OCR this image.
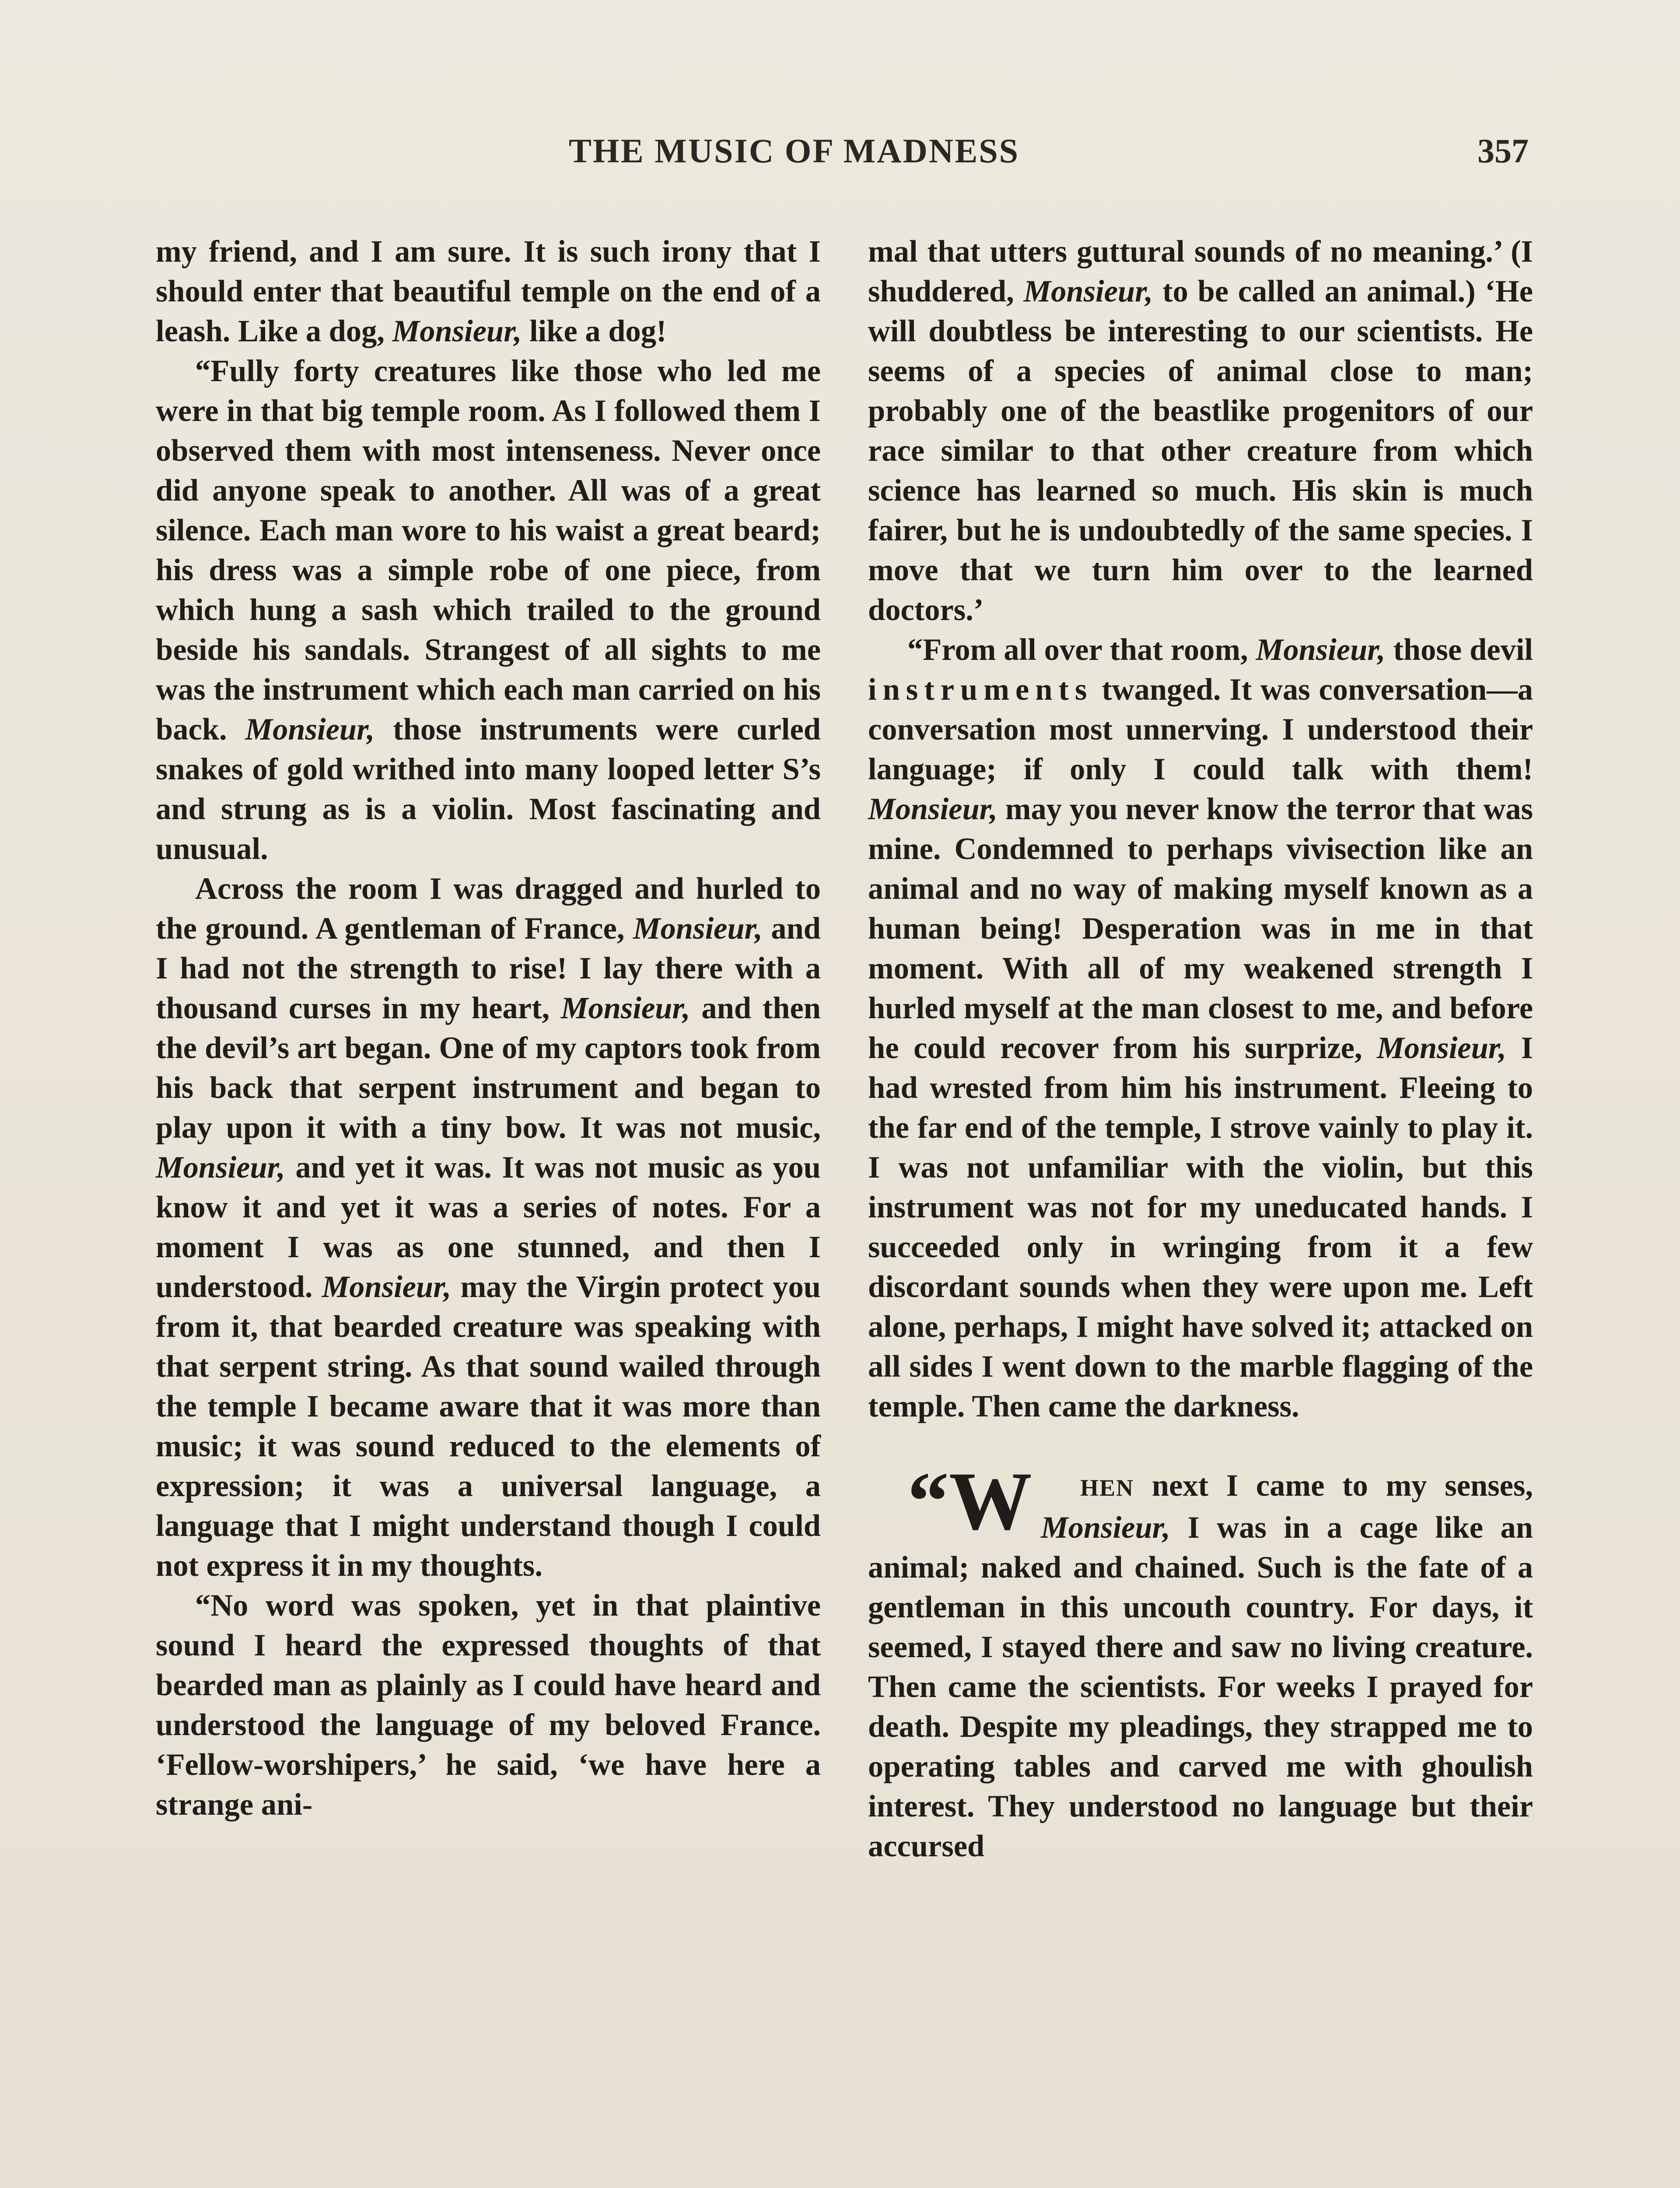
THE MUSIC OF MADNESS	357

my friend, and I am sure. It is such irony that I should enter that beautiful temple on the end of a leash. Like a dog, Monsieur, like a dog!

“Fully forty creatures like those who led me were in that big temple room. As I followed them I observed them with most intenseness. Never once did anyone speak to another. All was of a great silence. Each man wore to his waist a great beard; his dress was a simple robe of one piece, from which hung a sash which trailed to the ground beside his sandals. Strangest of all sights to me was the instrument which each man carried on his back. Monsieur, those instruments were curled snakes of gold writhed into many looped letter S’s and strung as is a violin. Most fascinating and unusual.

Across the room I was dragged and hurled to the ground. A gentleman of France, Monsieur, and I had not the strength to rise! I lay there with a thousand curses in my heart, Monsieur, and then the devil’s art began. One of my captors took from his back that serpent instrument and began to play upon it with a tiny bow. It was not music, Monsieur, and yet it was. It was not music as you know it and yet it was a series of notes. For a moment I was as one stunned, and then I understood. Monsieur, may the Virgin protect you from it, that bearded creature was speaking with that serpent string. As that sound wailed through the temple I became aware that it was more than music; it was sound reduced to the elements of expression; it was a universal language, a language that I might understand though I could not express it in my thoughts.

“No word was spoken, yet in that plaintive sound I heard the expressed thoughts of that bearded man as plainly as I could have heard and understood the language of my beloved France. ‘Fellow-worshipers,’ he said, ‘we have here a strange ani-

mal that utters guttural sounds of no meaning.’ (I shuddered, Monsieur, to be called an animal.) ‘He will doubtless be interesting to our scientists. He seems of a species of animal close to man; probably one of the beastlike progenitors of our race similar to that other creature from which science has learned so much. His skin is much fairer, but he is undoubtedly of the same species. I move that we turn him over to the learned doctors.’

“From all over that room, Monsieur, those devil instruments twanged. It was conversation—a conversation most unnerving. I understood their language; if only I could talk with them! Monsieur, may you never know the terror that was mine. Condemned to perhaps vivisection like an animal and no way of making myself known as a human being! Desperation was in me in that moment. With all of my weakened strength I hurled myself at the man closest to me, and before he could recover from his surprize, Monsieur, I had wrested from him his instrument. Fleeing to the far end of the temple, I strove vainly to play it. I was not unfamiliar with the violin, but this instrument was not for my uneducated hands. I succeeded only in wringing from it a few discordant sounds when they were upon me. Left alone, perhaps, I might have solved it; attacked on all sides I went down to the marble flagging of the temple. Then came the darkness.

“W HEN next I came to my senses, Monsieur, I was in a cage like an animal; naked and chained. Such is the fate of a gentleman in this uncouth country. For days, it seemed, I stayed there and saw no living creature. Then came the scientists. For weeks I prayed for death. Despite my pleadings, they strapped me to operating tables and carved me with ghoulish interest. They understood no language but their accursed
